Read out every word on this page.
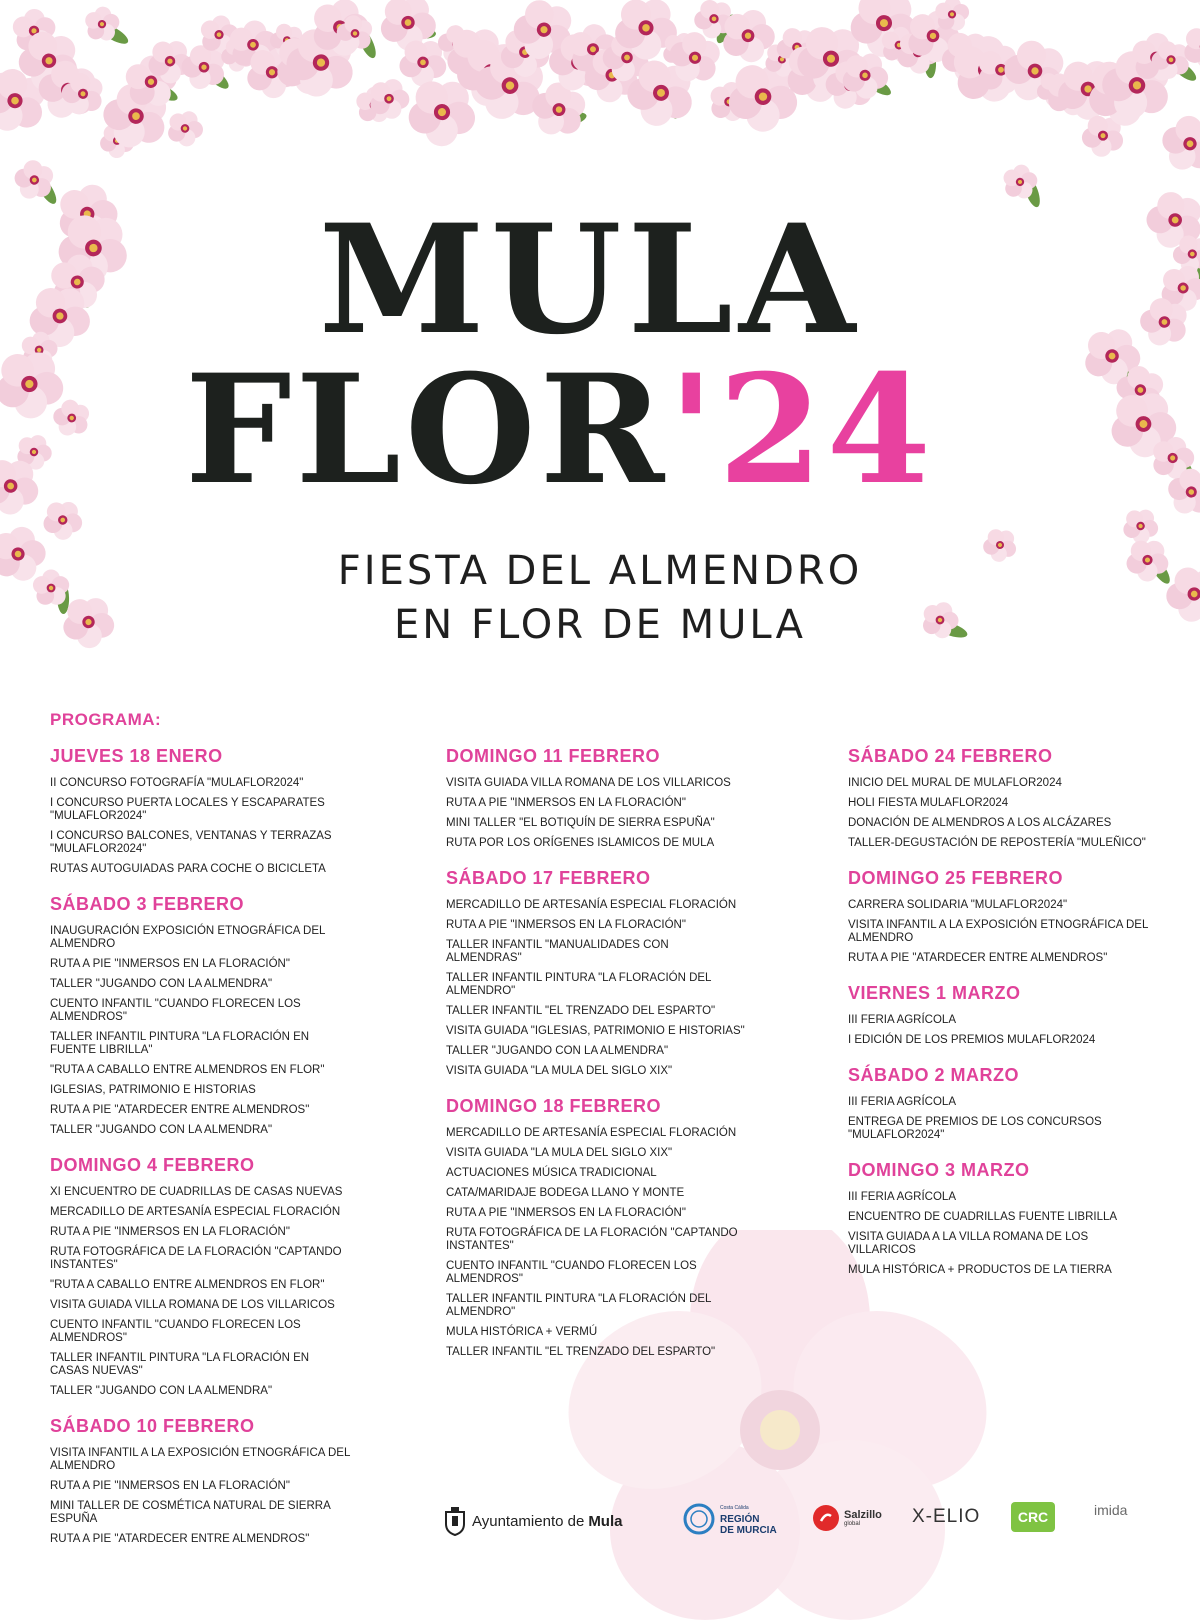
MULA
FLOR'24
FIESTA DEL ALMENDRO
EN FLOR DE MULA
PROGRAMA:
JUEVES 18 ENERO
II CONCURSO FOTOGRAFÍA "MULAFLOR2024"
I CONCURSO PUERTA LOCALES Y ESCAPARATES "MULAFLOR2024"
I CONCURSO BALCONES, VENTANAS Y TERRAZAS "MULAFLOR2024"
RUTAS AUTOGUIADAS PARA COCHE O BICICLETA
SÁBADO 3 FEBRERO
INAUGURACIÓN EXPOSICIÓN ETNOGRÁFICA DEL ALMENDRO
RUTA A PIE "INMERSOS EN LA FLORACIÓN"
TALLER "JUGANDO CON LA ALMENDRA"
CUENTO INFANTIL "CUANDO FLORECEN LOS ALMENDROS"
TALLER INFANTIL PINTURA "LA FLORACIÓN EN FUENTE LIBRILLA"
"RUTA A CABALLO ENTRE ALMENDROS EN FLOR"
IGLESIAS, PATRIMONIO E HISTORIAS
RUTA A PIE "ATARDECER ENTRE ALMENDROS"
TALLER "JUGANDO CON LA ALMENDRA"
DOMINGO 4 FEBRERO
XI ENCUENTRO DE CUADRILLAS DE CASAS NUEVAS
MERCADILLO DE ARTESANÍA ESPECIAL FLORACIÓN
RUTA A PIE "INMERSOS EN LA FLORACIÓN"
RUTA FOTOGRÁFICA DE LA FLORACIÓN "CAPTANDO INSTANTES"
"RUTA A CABALLO ENTRE ALMENDROS EN FLOR"
VISITA GUIADA VILLA ROMANA DE LOS VILLARICOS
CUENTO INFANTIL "CUANDO FLORECEN LOS ALMENDROS"
TALLER INFANTIL PINTURA "LA FLORACIÓN EN CASAS NUEVAS"
TALLER "JUGANDO CON LA ALMENDRA"
SÁBADO 10 FEBRERO
VISITA INFANTIL A LA EXPOSICIÓN ETNOGRÁFICA DEL ALMENDRO
RUTA A PIE "INMERSOS EN LA FLORACIÓN"
MINI TALLER DE COSMÉTICA NATURAL DE SIERRA ESPUÑA
RUTA A PIE "ATARDECER ENTRE ALMENDROS"
DOMINGO 11 FEBRERO
VISITA GUIADA VILLA ROMANA DE LOS VILLARICOS
RUTA A PIE "INMERSOS EN LA FLORACIÓN"
MINI TALLER "EL BOTIQUÍN DE SIERRA ESPUÑA"
RUTA POR LOS ORÍGENES ISLAMICOS DE MULA
SÁBADO 17 FEBRERO
MERCADILLO DE ARTESANÍA ESPECIAL FLORACIÓN
RUTA A PIE "INMERSOS EN LA FLORACIÓN"
TALLER INFANTIL "MANUALIDADES CON ALMENDRAS"
TALLER INFANTIL PINTURA "LA FLORACIÓN DEL ALMENDRO"
TALLER INFANTIL "EL TRENZADO DEL ESPARTO"
VISITA GUIADA "IGLESIAS, PATRIMONIO E HISTORIAS"
TALLER "JUGANDO CON LA ALMENDRA"
VISITA GUIADA "LA MULA DEL SIGLO XIX"
DOMINGO 18 FEBRERO
MERCADILLO DE ARTESANÍA ESPECIAL FLORACIÓN
VISITA GUIADA "LA MULA DEL SIGLO XIX"
ACTUACIONES MÚSICA TRADICIONAL
CATA/MARIDAJE BODEGA LLANO Y MONTE
RUTA A PIE "INMERSOS EN LA FLORACIÓN"
RUTA FOTOGRÁFICA DE LA FLORACIÓN "CAPTANDO INSTANTES"
CUENTO INFANTIL "CUANDO FLORECEN LOS ALMENDROS"
TALLER INFANTIL PINTURA "LA FLORACIÓN DEL ALMENDRO"
MULA HISTÓRICA + VERMÚ
TALLER INFANTIL "EL TRENZADO DEL ESPARTO"
SÁBADO 24 FEBRERO
INICIO DEL MURAL DE MULAFLOR2024
HOLI FIESTA MULAFLOR2024
DONACIÓN DE ALMENDROS A LOS ALCÁZARES
TALLER-DEGUSTACIÓN DE REPOSTERÍA "MULEÑICO"
DOMINGO 25 FEBRERO
CARRERA SOLIDARIA "MULAFLOR2024"
VISITA INFANTIL A LA EXPOSICIÓN ETNOGRÁFICA DEL ALMENDRO
RUTA A PIE "ATARDECER ENTRE ALMENDROS"
VIERNES 1 MARZO
III FERIA AGRÍCOLA
I EDICIÓN DE LOS PREMIOS MULAFLOR2024
SÁBADO 2 MARZO
III FERIA AGRÍCOLA
ENTREGA DE PREMIOS DE LOS CONCURSOS "MULAFLOR2024"
DOMINGO 3 MARZO
III FERIA AGRÍCOLA
ENCUENTRO DE CUADRILLAS FUENTE LIBRILLA
VISITA GUIADA A LA VILLA ROMANA DE LOS VILLARICOS
MULA HISTÓRICA + PRODUCTOS DE LA TIERRA
Ayuntamiento de Mula
Costa Cálida
REGIÓN
DE MURCIA
Salzillo
global	X-ELIO	CRC	imida
